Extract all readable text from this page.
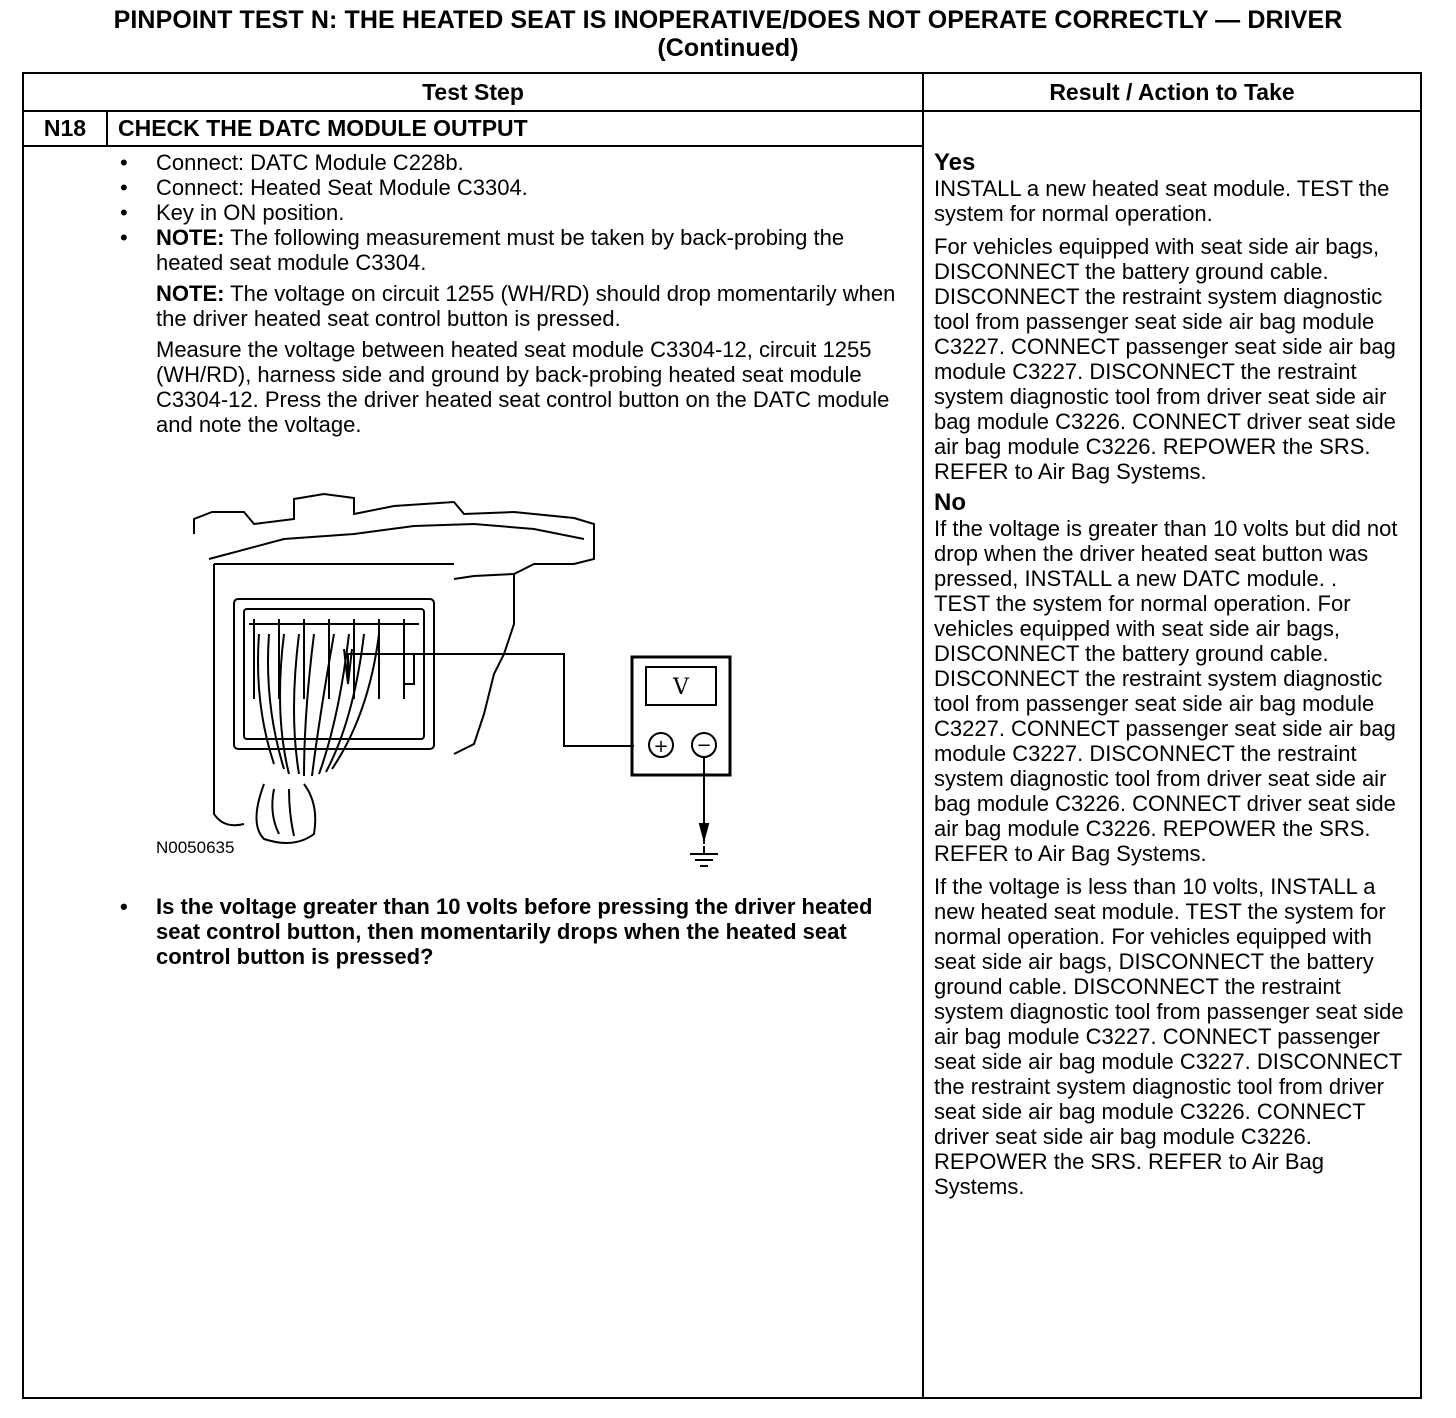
PINPOINT TEST N: THE HEATED SEAT IS INOPERATIVE/DOES NOT OPERATE CORRECTLY — DRIVER
(Continued)
Test Step	Result / Action to Take
N18	CHECK THE DATC MODULE OUTPUT
• Connect: DATC Module C228b.
• Connect: Heated Seat Module C3304.
• Key in ON position.
• NOTE: The following measurement must be taken by back-probing the heated seat module C3304.
NOTE: The voltage on circuit 1255 (WH/RD) should drop momentarily when the driver heated seat control button is pressed.
Measure the voltage between heated seat module C3304-12, circuit 1255 (WH/RD), harness side and ground by back-probing heated seat module C3304-12. Press the driver heated seat control button on the DATC module and note the voltage.
V
+ −
N0050635
• Is the voltage greater than 10 volts before pressing the driver heated seat control button, then momentarily drops when the heated seat control button is pressed?
Yes
INSTALL a new heated seat module. TEST the system for normal operation.
For vehicles equipped with seat side air bags, DISCONNECT the battery ground cable. DISCONNECT the restraint system diagnostic tool from passenger seat side air bag module C3227. CONNECT passenger seat side air bag module C3227. DISCONNECT the restraint system diagnostic tool from driver seat side air bag module C3226. CONNECT driver seat side air bag module C3226. REPOWER the SRS. REFER to Air Bag Systems.
No
If the voltage is greater than 10 volts but did not drop when the driver heated seat button was pressed, INSTALL a new DATC module. .
TEST the system for normal operation. For vehicles equipped with seat side air bags, DISCONNECT the battery ground cable. DISCONNECT the restraint system diagnostic tool from passenger seat side air bag module C3227. CONNECT passenger seat side air bag module C3227. DISCONNECT the restraint system diagnostic tool from driver seat side air bag module C3226. CONNECT driver seat side air bag module C3226. REPOWER the SRS. REFER to Air Bag Systems.
If the voltage is less than 10 volts, INSTALL a new heated seat module. TEST the system for normal operation. For vehicles equipped with seat side air bags, DISCONNECT the battery ground cable. DISCONNECT the restraint system diagnostic tool from passenger seat side air bag module C3227. CONNECT passenger seat side air bag module C3227. DISCONNECT the restraint system diagnostic tool from driver seat side air bag module C3226. CONNECT driver seat side air bag module C3226. REPOWER the SRS. REFER to Air Bag Systems.
